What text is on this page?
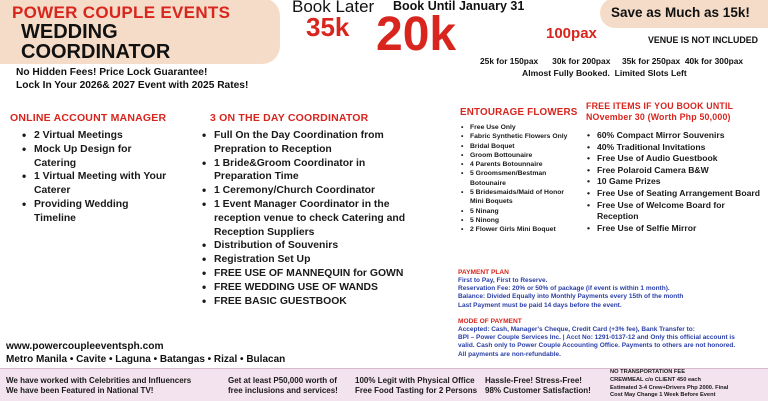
POWER COUPLE EVENTS
WEDDING
COORDINATOR
Book Later
35k
Book Until January 31
20k	100pax
Save as Much as 15k!
VENUE IS NOT INCLUDED
25k for 150pax      30k for 200pax     35k for 250pax  40k for 300pax
Almost Fully Booked.  Limited Slots Left
No Hidden Fees! Price Lock Guarantee!
Lock In Your 2026& 2027 Event with 2025 Rates!
ONLINE ACCOUNT MANAGER
• 2 Virtual Meetings
• Mock Up Design for Catering
• 1 Virtual Meeting with Your Caterer
• Providing Wedding Timeline
3 ON THE DAY COORDINATOR
• Full On the Day Coordination from Prepration to Reception
• 1 Bride&Groom Coordinator in Preparation Time
• 1 Ceremony/Church Coordinator
• 1 Event Manager Coordinator in the reception venue to check Catering and Reception Suppliers
• Distribution of Souvenirs
• Registration Set Up
• FREE USE OF MANNEQUIN for GOWN
• FREE WEDDING USE OF WANDS
• FREE BASIC GUESTBOOK
ENTOURAGE FLOWERS
• Free Use Only
• Fabric Synthetic Flowers Only
• Bridal Boquet
• Groom Bottounaire
• 4 Parents Botounnaire
• 5 Groomsmen/Bestman Botounaire
• 5 Bridesmaids/Maid of Honor Mini Boquets
• 5 Ninang
• 5 Ninong
• 2 Flower Girls Mini Boquet
FREE ITEMS IF YOU BOOK UNTIL
NOvember 30 (Worth Php 50,000)
• 60% Compact Mirror Souvenirs
• 40% Traditional Invitations
• Free Use of Audio Guestbook
• Free Polaroid Camera B&W
• 10 Game Prizes
• Free Use of Seating Arrangement Board
• Free Use of Welcome Board for Reception
• Free Use of Selfie Mirror
PAYMENT PLAN
First to Pay, First to Reserve.
Reservation Fee: 20% or 50% of package (if event is within 1 month).
Balance: Divided Equally into Monthly Payments every 15th of the month
Last Payment must be paid 14 days before the event.
MODE OF PAYMENT
Accepted: Cash, Manager's Cheque, Credit Card (+3% fee), Bank Transfer to:
BPI – Power Couple Services Inc. | Acct No: 1291-0137-12 and Only this official account is
valid. Cash only to Power Couple Accounting Office. Payments to others are not honored.
All payments are non-refundable.
www.powercoupleeventsph.com
Metro Manila • Cavite • Laguna • Batangas • Rizal • Bulacan
We have worked with Celebrities and Influencers
We have been Featured in National TV!
Get at least P50,000 worth of
free inclusions and services!
100% Legit with Physical Office
Free Food Tasting for 2 Persons
Hassle-Free! Stress-Free!
98% Customer Satisfaction!
NO TRANSPORTATION FEE
CREWMEAL c/o CLIENT 450 each
Estimated 3-4 Crew+Drivers Php 2000. Final
Cost May Change 1 Week Before Event
